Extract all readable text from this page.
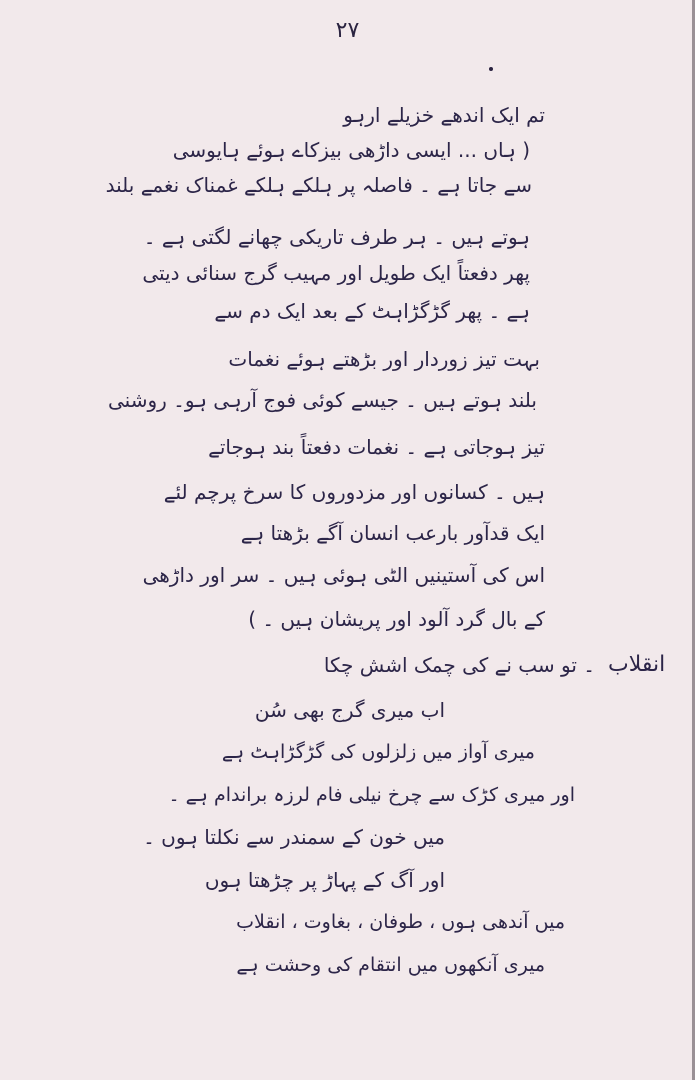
۲۷
تم ایک اندھے خزیلے ارہو
( ہاں ... ایسی داڑھی بیزکاے ہوئے ہایوسی
سے جاتا ہے ۔ فاصلہ پر ہلکے ہلکے غمناک نغمے بلند
ہوتے ہیں ۔ ہر طرف تاریکی چھانے لگتی ہے ۔
پھر دفعتاً ایک طویل اور مہیب گرج سنائی دیتی
ہے ۔ پھر گڑگڑاہٹ کے بعد ایک دم سے
بہت تیز زوردار اور بڑھتے ہوئے نغمات
بلند ہوتے ہیں ۔ جیسے کوئی فوج آرہی ہو۔ روشنی
تیز ہوجاتی ہے ۔ نغمات دفعتاً بند ہوجاتے
ہیں ۔ کسانوں اور مزدوروں کا سرخ پرچم لئے
ایک قدآور بارعب انسان آگے بڑھتا ہے
اس کی آستینیں الٹی ہوئی ہیں ۔ سر اور داڑھی
کے بال گرد آلود اور پریشان ہیں ۔ )
انقلاب
۔ تو سب نے کی چمک اشش چکا
اب میری گرج بھی سُن
میری آواز میں زلزلوں کی گڑگڑاہٹ ہے
اور میری کڑک سے چرخ نیلی فام لرزہ براندام ہے ۔
میں خون کے سمندر سے نکلتا ہوں ۔
اور آگ کے پہاڑ پر چڑھتا ہوں
میں آندھی ہوں ، طوفان ، بغاوت ، انقلاب
میری آنکھوں میں انتقام کی وحشت ہے
